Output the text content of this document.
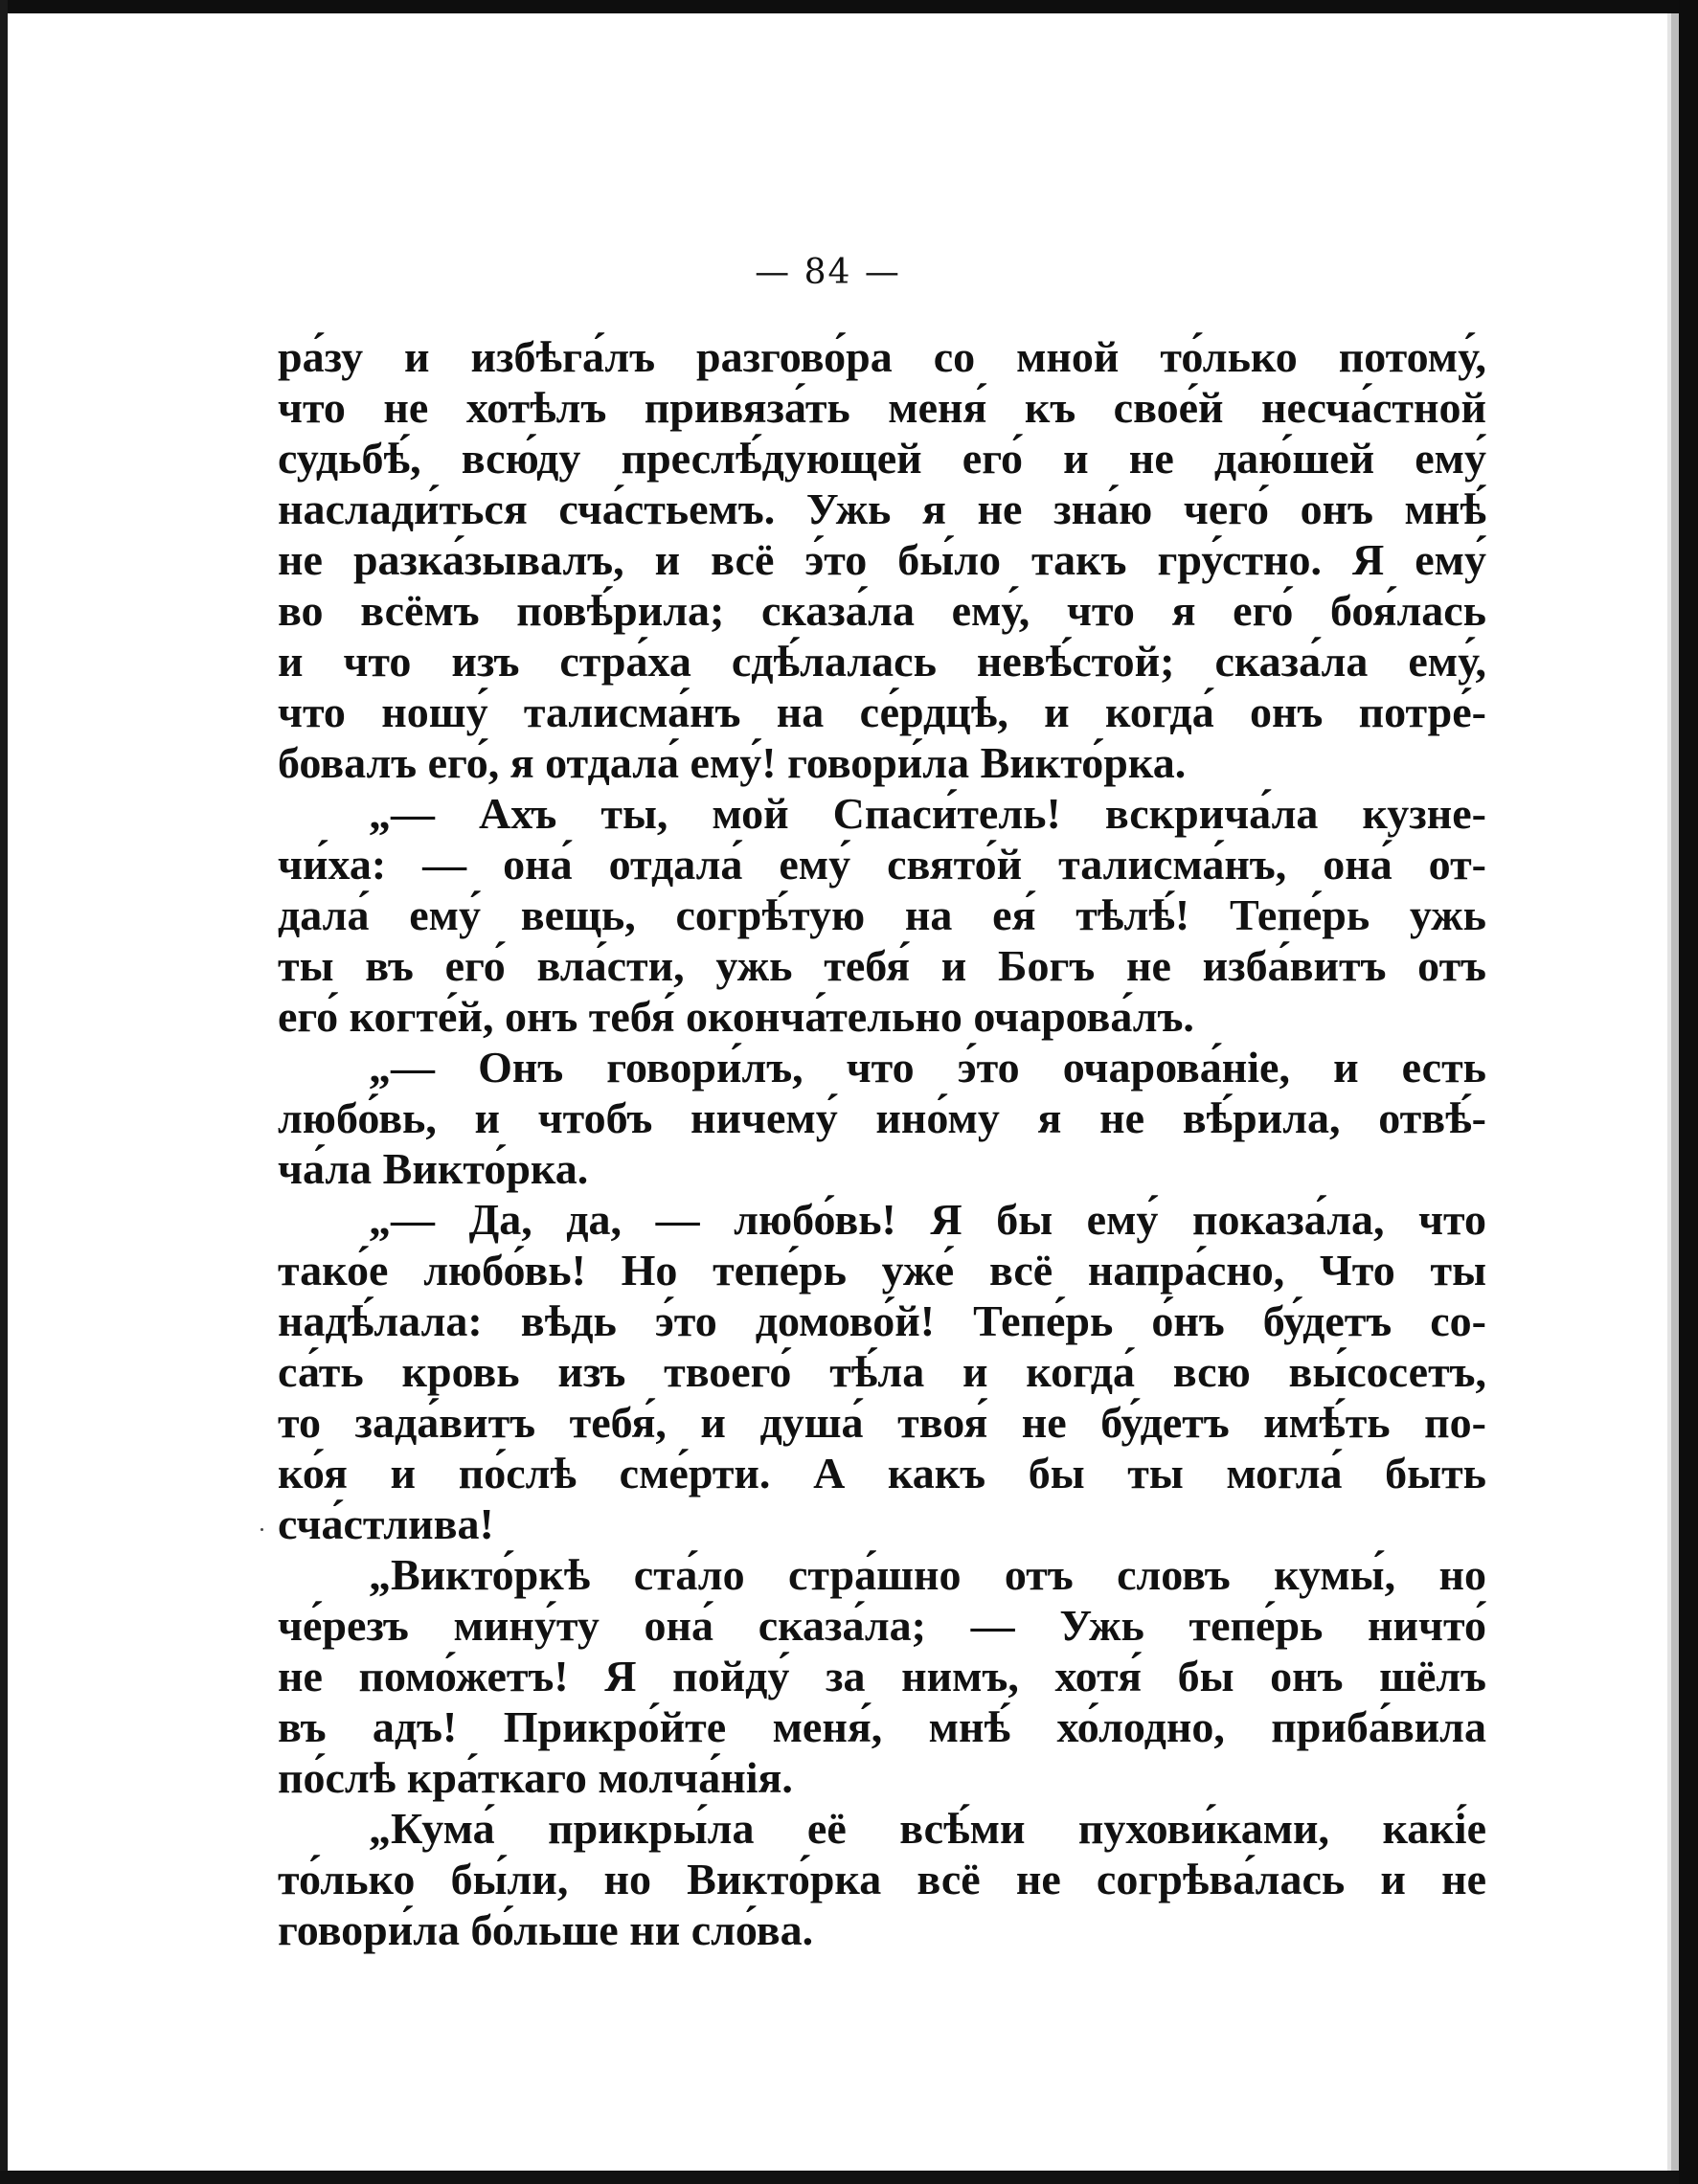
— 84 —
ра́зу и избѣга́лъ разгово́ра со мной то́лько потому́,
что не хотѣлъ привяза́ть меня́ къ свое́й несча́стной
судьбѣ́, всю́ду преслѣ́дующей его́ и не даю́шей ему́
наслади́ться сча́стьемъ. Ужь я не зна́ю чего́ онъ мнѣ́
не разка́зывалъ, и всё э́то бы́ло такъ гру́стно. Я ему́
во всёмъ повѣ́рила; сказа́ла ему́, что я его́ боя́лась
и что изъ стра́ха сдѣ́лалась невѣ́стой; сказа́ла ему́,
что ношу́ талисма́нъ на се́рдцѣ, и когда́ онъ потре́-
бовалъ его́, я отдала́ ему́! говори́ла Викто́рка.
„— Ахъ ты, мой Спаси́тель! вскрича́ла кузне-
чи́ха: — она́ отдала́ ему́ свято́й талисма́нъ, она́ от-
дала́ ему́ вещь, согрѣ́тую на ея́ тѣлѣ́! Тепе́рь ужь
ты въ его́ вла́сти, ужь тебя́ и Богъ не изба́витъ отъ
его́ когте́й, онъ тебя́ оконча́тельно очарова́лъ.
„— Онъ говори́лъ, что э́то очарова́ніе, и есть
любо́вь, и чтобъ ничему́ ино́му я не вѣ́рила, отвѣ́-
ча́ла Викто́рка.
„— Да, да, — любо́вь! Я бы ему́ показа́ла, что
тако́е любо́вь! Но тепе́рь уже́ всё напра́сно, Что ты
надѣ́лала: вѣдь э́то домово́й! Тепе́рь о́нъ бу́детъ со-
са́ть кровь изъ твоего́ тѣ́ла и когда́ всю вы́сосетъ,
то зада́витъ тебя́, и душа́ твоя́ не бу́детъ имѣ́ть по-
ко́я и по́слѣ сме́рти. А какъ бы ты могла́ быть
сча́стлива!
„Викто́ркѣ ста́ло стра́шно отъ словъ кумы́, но
че́резъ мину́ту она́ сказа́ла; — Ужь тепе́рь ничто́
не помо́жетъ! Я пойду́ за нимъ, хотя́ бы онъ шёлъ
въ адъ! Прикро́йте меня́, мнѣ́ хо́лодно, приба́вила
по́слѣ кра́ткаго молча́нія.
„Кума́ прикры́ла её всѣ́ми пухови́ками, какі́е
то́лько бы́ли, но Викто́рка всё не согрѣва́лась и не
говори́ла бо́льше ни сло́ва.
